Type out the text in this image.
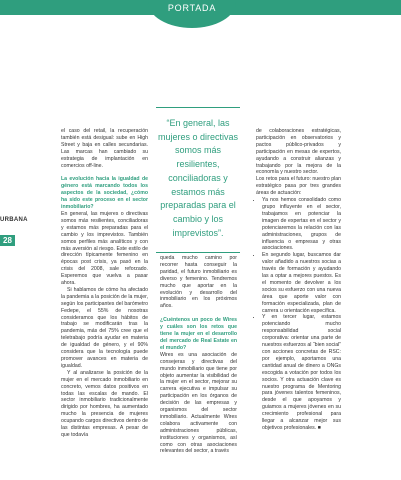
PORTADA
URBANA
28

el caso del retail, la recuperación también está desigual: sube en High Street y baja en calles secundarias. Las marcas han cambiado su estrategia de implantación en comercios off-line.

La evolución hacia la igualdad de género está marcando todos los aspectos de la sociedad, ¿cómo ha sido este proceso en el sector inmobiliario?

En general, las mujeres o directivas somos más resilientes, conciliadoras y estamos más preparadas para el cambio y los imprevistos. También somos perfiles más analíticos y con más aversión al riesgo. Este estilo de dirección típicamente femenino en épocas post crisis, ya pasó en la crisis del 2008, sale reforzado. Esperemos que vuelva a pasar ahora.

Si hablamos de cómo ha afectado la pandemia a la posición de la mujer, según los participantes del barómetro Fedepe, el 55% de nosotras consideramos que los hábitos de trabajo se modificarán tras la pandemia, más del 75% cree que el teletrabajo podría ayudar en materia de igualdad de género, y el 90% considera que la tecnología puede promover avances en materia de igualdad.

Y al analizarse la posición de la mujer en el mercado inmobiliario en concreto, vemos datos positivos en todas las escalas de mando. El sector inmobiliario tradicionalmente dirigido por hombres, ha aumentado mucho la presencia de mujeres ocupando cargos directivos dentro de las distintas empresas. A pesar de que todavía

“En general, las mujeres o directivas somos más resilientes, conciliadoras y estamos más preparadas para el cambio y los imprevistos”.

queda mucho camino por recorrer hasta conseguir la paridad, el futuro inmobiliario es diverso y femenino. Tendremos mucho que aportar en la evolución y desarrollo del inmobiliario en los próximos años.

¿Cuéntenos un poco de Wires y cuáles son los retos que tiene la mujer en el desarrollo del mercado de Real Estate en el mundo?

Wires es una asociación de consejeras y directivas del mundo inmobiliario que tiene por objeto aumentar la visibilidad de la mujer en el sector, mejorar su carrera ejecutiva e impulsar su participación en los órganos de decisión de las empresas y organismos del sector inmobiliario. Actualmente Wires colabora activamente con administraciones públicas, instituciones y organismos, así como con otras asociaciones relevantes del sector, a través

de colaboraciones estratégicas, participación en observatorios y pactos público-privados y participación en mesas de expertos, ayudando a construir alianzas y trabajando por la mejora de la economía y nuestro sector.

Los retos para el futuro: nuestro plan estratégico pasa por tres grandes áreas de actuación:

• Ya nos hemos consolidado como grupo influyente en el sector, trabajamos en potenciar la imagen de expertas en el sector y potenciaremos la relación con las administraciones, grupos de influencia o empresas y otras asociaciones.
• En segundo lugar, buscamos dar valor añadido a nuestros socias a través de formación y ayudando las a optar a mejores puestos. Es el momento de devolver a los socios su esfuerzo con una nueva área que aporte valor con formación especializada, plan de carrera u orientación específica.
• Y en tercer lugar, estamos potenciando mucho responsabilidad social corporativa: orientar una parte de nuestros esfuerzos al “bien social” con acciones concretas de RSC: por ejemplo, aportamos una cantidad anual de dinero a ONGs escogida a votación por todos los socios. Y otra actuación clave es nuestro programa de Mentoring para jóvenes talentos femeninos, desde el que apoyamos y guiamos a mujeres jóvenes en su crecimiento profesional para llegar a alcanzar mejor sus objetivos profesionales. ■
